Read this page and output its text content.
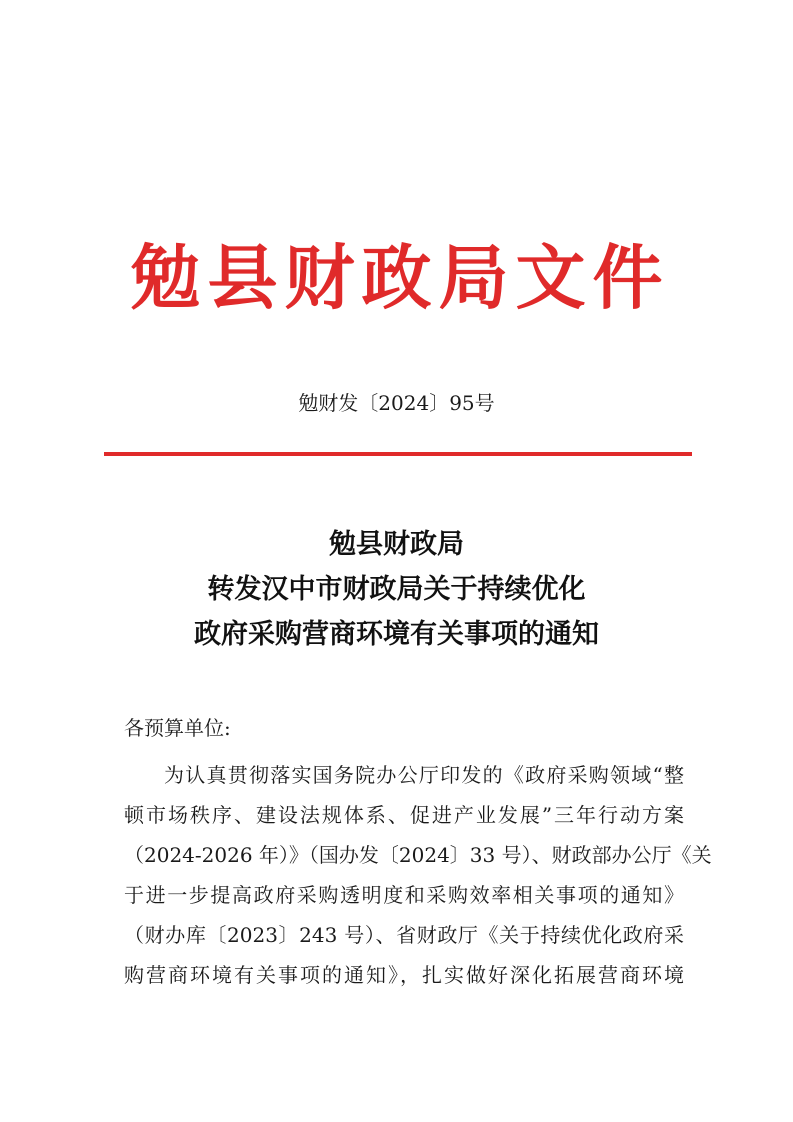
勉县财政局文件
勉财发〔2024〕95号
勉县财政局
转发汉中市财政局关于持续优化
政府采购营商环境有关事项的通知
各预算单位:
为认真贯彻落实国务院办公厅印发的《政府采购领域“整
顿市场秩序、建设法规体系、促进产业发展”三年行动方案
（2024-2026 年）》（国办发〔2024〕33 号）、财政部办公厅《关
于进一步提高政府采购透明度和采购效率相关事项的通知》
（财办库〔2023〕243 号）、省财政厅《关于持续优化政府采
购营商环境有关事项的通知》，扎实做好深化拓展营商环境
